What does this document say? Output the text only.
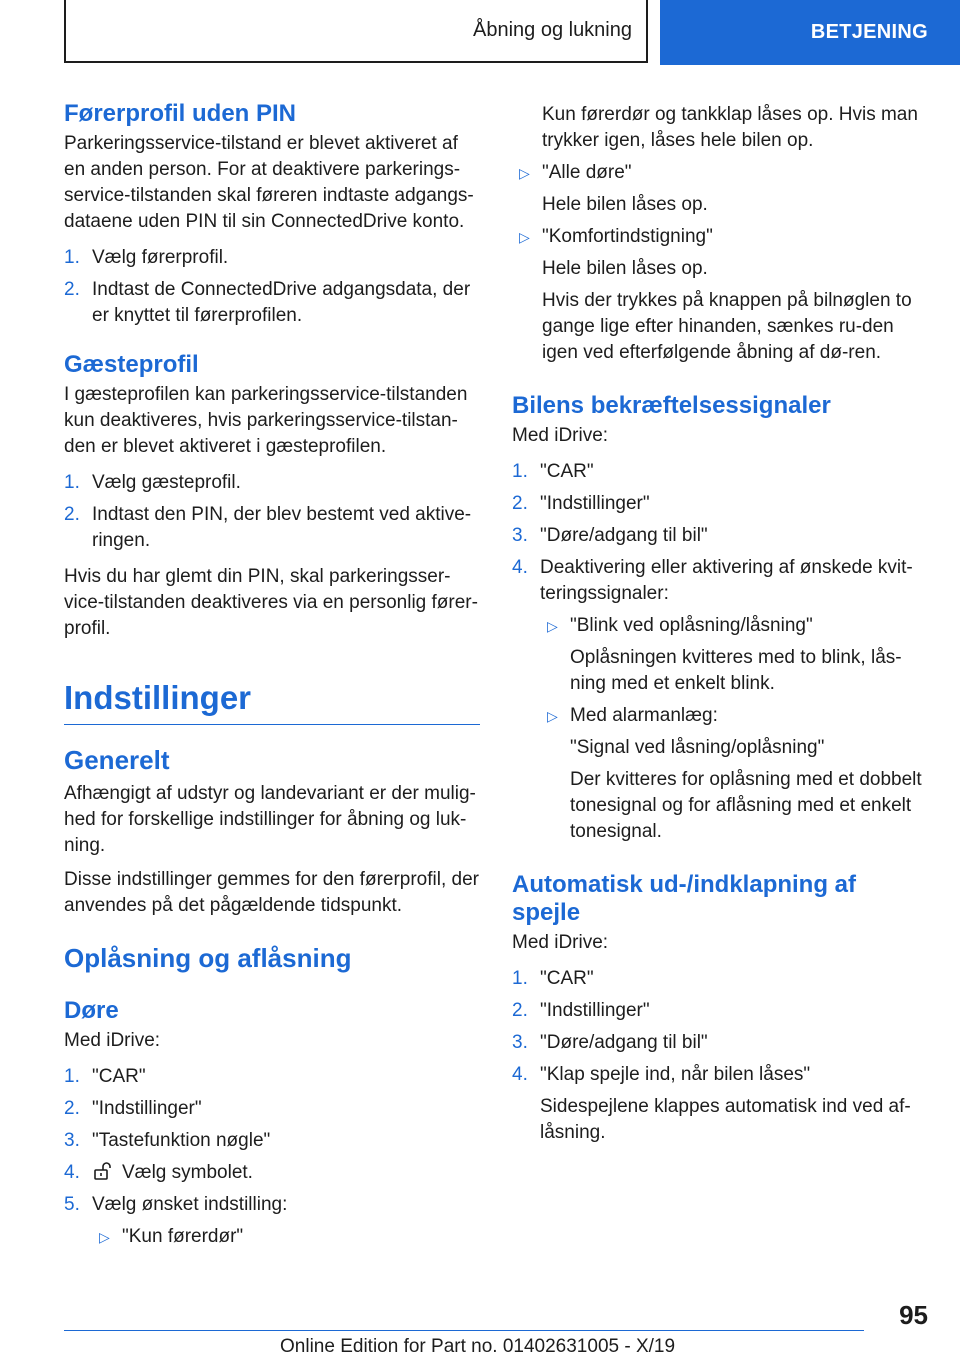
Åbning og lukning	BETJENING
Førerprofil uden PIN
Parkeringsservice-tilstand er blevet aktiveret af en anden person. For at deaktivere parkerings-service-tilstanden skal føreren indtaste adgangs-dataene uden PIN til sin ConnectedDrive konto.
1. Vælg førerprofil.
2. Indtast de ConnectedDrive adgangsdata, der er knyttet til førerprofilen.
Gæsteprofil
I gæsteprofilen kan parkeringsservice-tilstanden kun deaktiveres, hvis parkeringsservice-tilstan-den er blevet aktiveret i gæsteprofilen.
1. Vælg gæsteprofil.
2. Indtast den PIN, der blev bestemt ved aktive-ringen.
Hvis du har glemt din PIN, skal parkeringsser-vice-tilstanden deaktiveres via en personlig fører-profil.
Indstillinger
Generelt
Afhængigt af udstyr og landevariant er der mulig-hed for forskellige indstillinger for åbning og luk-ning.
Disse indstillinger gemmes for den førerprofil, der anvendes på det pågældende tidspunkt.
Oplåsning og aflåsning
Døre
Med iDrive:
1. "CAR"
2. "Indstillinger"
3. "Tastefunktion nøgle"
4.	Vælg symbolet.
5. Vælg ønsket indstilling:
▷ "Kun førerdør"
Kun førerdør og tankklap låses op. Hvis man trykker igen, låses hele bilen op.
▷ "Alle døre"
Hele bilen låses op.
▷ "Komfortindstigning"
Hele bilen låses op.
Hvis der trykkes på knappen på bilnøglen to gange lige efter hinanden, sænkes ru-den igen ved efterfølgende åbning af dø-ren.
Bilens bekræftelsessignaler
Med iDrive:
1. "CAR"
2. "Indstillinger"
3. "Døre/adgang til bil"
4. Deaktivering eller aktivering af ønskede kvit-teringssignaler:
▷ "Blink ved oplåsning/låsning"
Oplåsningen kvitteres med to blink, lås-ning med et enkelt blink.
▷ Med alarmanlæg:
"Signal ved låsning/oplåsning"
Der kvitteres for oplåsning med et dobbelt tonesignal og for aflåsning med et enkelt tonesignal.
Automatisk ud-/indklapning af spejle
Med iDrive:
1. "CAR"
2. "Indstillinger"
3. "Døre/adgang til bil"
4. "Klap spejle ind, når bilen låses"
Sidespejlene klappes automatisk ind ved af-låsning.
95
Online Edition for Part no. 01402631005 - X/19
